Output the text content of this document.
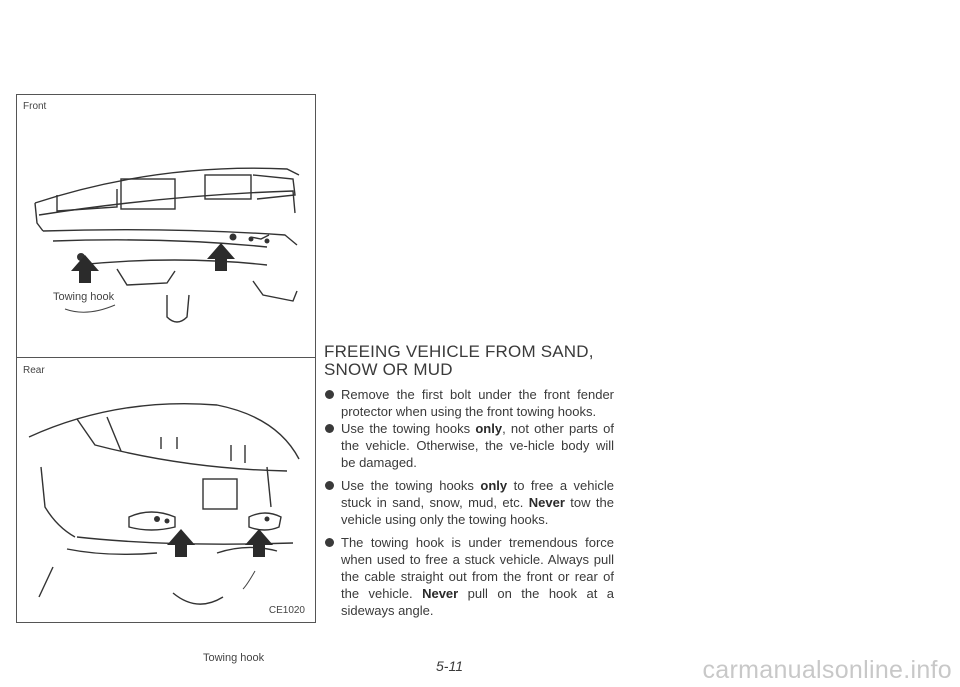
Front
Towing hook
Rear
Towing hook
CE1020
FREEING VEHICLE FROM SAND,
SNOW OR MUD
Remove the first bolt under the front fender protector when using the front towing hooks.
Use the towing hooks only, not other parts of the vehicle. Otherwise, the ve-hicle body will be damaged.
Use the towing hooks only to free a vehicle stuck in sand, snow, mud, etc. Never tow the vehicle using only the towing hooks.
The towing hook is under tremendous force when used to free a stuck vehicle. Always pull the cable straight out from the front or rear of the vehicle. Never pull on the hook at a sideways angle.
5-11	carmanualsonline.info
